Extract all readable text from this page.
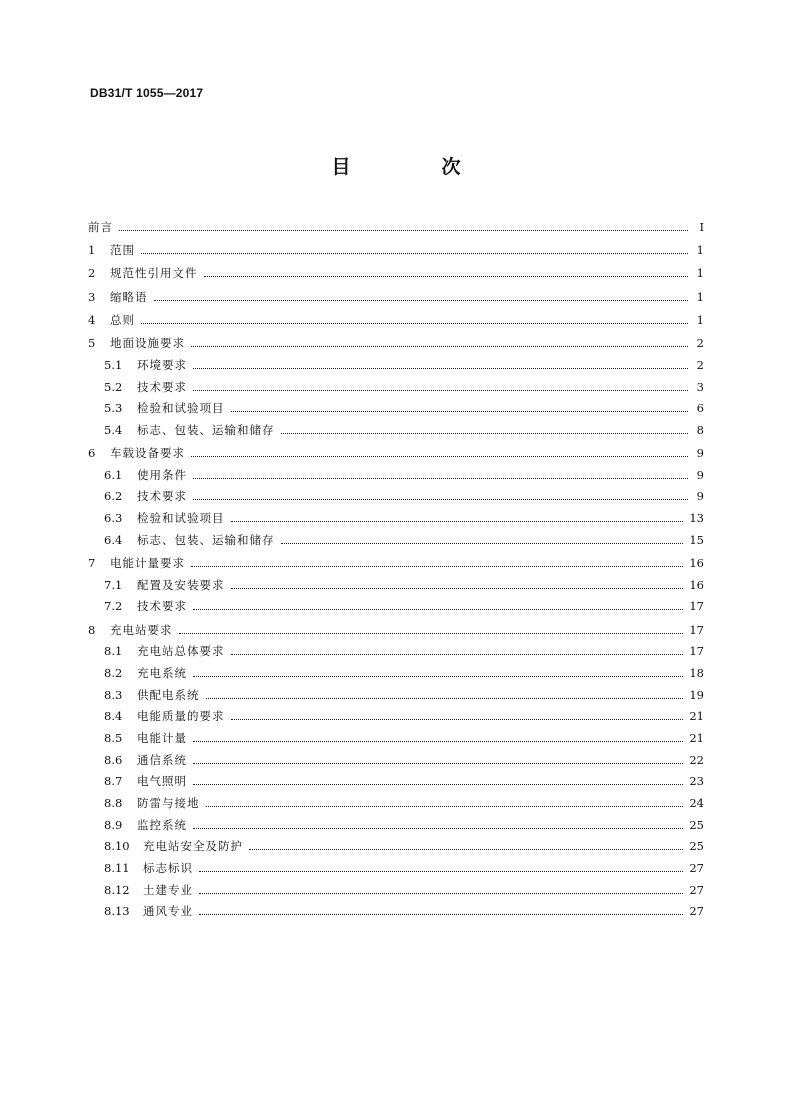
DB31/T 1055—2017
目　次
前言	I
1	范围	1
2	规范性引用文件	1
3	缩略语	1
4	总则	1
5	地面设施要求	2
5.1	环境要求	2
5.2	技术要求	3
5.3	检验和试验项目	6
5.4	标志、包装、运输和储存	8
6	车载设备要求	9
6.1	使用条件	9
6.2	技术要求	9
6.3	检验和试验项目	13
6.4	标志、包装、运输和储存	15
7	电能计量要求	16
7.1	配置及安装要求	16
7.2	技术要求	17
8	充电站要求	17
8.1	充电站总体要求	17
8.2	充电系统	18
8.3	供配电系统	19
8.4	电能质量的要求	21
8.5	电能计量	21
8.6	通信系统	22
8.7	电气照明	23
8.8	防雷与接地	24
8.9	监控系统	25
8.10	充电站安全及防护	25
8.11	标志标识	27
8.12	土建专业	27
8.13	通风专业	27
